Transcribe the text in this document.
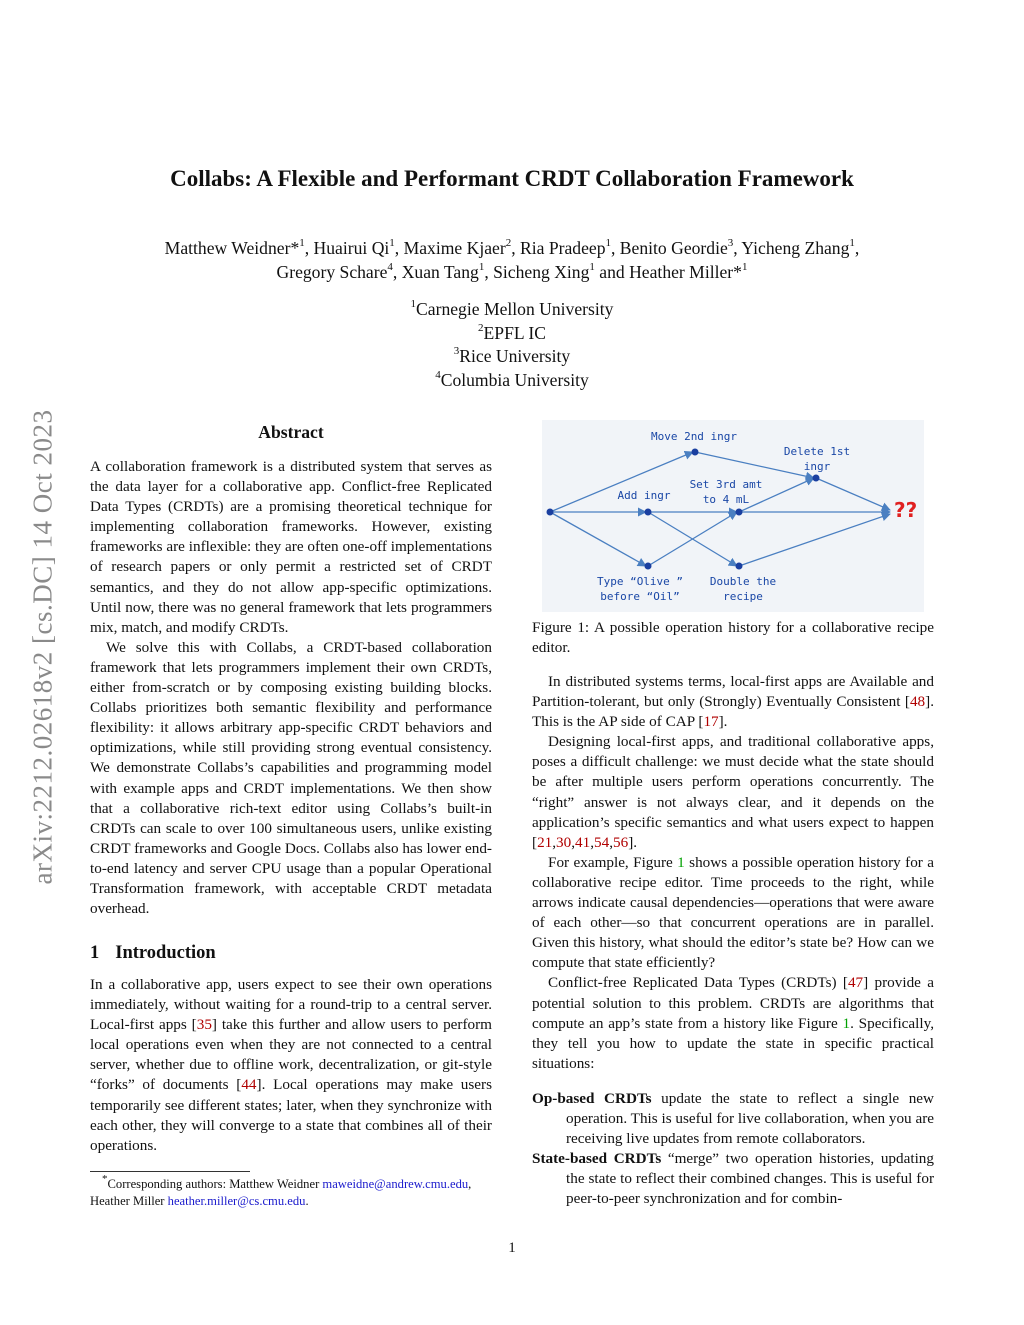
arXiv:2212.02618v2 [cs.DC] 14 Oct 2023
Collabs: A Flexible and Performant CRDT Collaboration Framework
Matthew Weidner*$^1$, Huairui Qi$^1$, Maxime Kjaer$^2$, Ria Pradeep$^1$, Benito Geordie$^3$, Yicheng Zhang$^1$,
Gregory Schare$^4$, Xuan Tang$^1$, Sicheng Xing$^1$ and Heather Miller*$^1$
$^1$Carnegie Mellon University
$^2$EPFL IC
$^3$Rice University
$^4$Columbia University
Abstract

A collaboration framework is a distributed system that serves as the data layer for a collaborative app. Conflict-free Replicated Data Types (CRDTs) are a promising theoretical technique for implementing collaboration frameworks. However, existing frameworks are inflexible: they are often one-off implementations of research papers or only permit a restricted set of CRDT semantics, and they do not allow app-specific optimizations. Until now, there was no general framework that lets programmers mix, match, and modify CRDTs.

We solve this with Collabs, a CRDT-based collaboration framework that lets programmers implement their own CRDTs, either from-scratch or by composing existing building blocks. Collabs prioritizes both semantic flexibility and performance flexibility: it allows arbitrary app-specific CRDT behaviors and optimizations, while still providing strong eventual consistency. We demonstrate Collabs’s capabilities and programming model with example apps and CRDT implementations. We then show that a collaborative rich-text editor using Collabs’s built-in CRDTs can scale to over 100 simultaneous users, unlike existing CRDT frameworks and Google Docs. Collabs also has lower end-to-end latency and server CPU usage than a popular Operational Transformation framework, with acceptable CRDT metadata overhead.

1 Introduction

In a collaborative app, users expect to see their own operations immediately, without waiting for a round-trip to a central server. Local-first apps [35] take this further and allow users to perform local operations even when they are not connected to a central server, whether due to offline work, decentralization, or git-style “forks” of documents [44]. Local operations may make users temporarily see different states; later, when they synchronize with each other, they will converge to a state that combines all of their operations.

*Corresponding authors: Matthew Weidner maweidne@andrew.cmu.edu, Heather Miller heather.miller@cs.cmu.edu.
Move 2nd ingr
Delete 1st
ingr
Set 3rd amt
to 4 mL
Add ingr
Type “Olive ”
before “Oil”
Double the
recipe
??
Figure 1: A possible operation history for a collaborative recipe editor.

In distributed systems terms, local-first apps are Available and Partition-tolerant, but only (Strongly) Eventually Consistent [48]. This is the AP side of CAP [17].

Designing local-first apps, and traditional collaborative apps, poses a difficult challenge: we must decide what the state should be after multiple users perform operations concurrently. The “right” answer is not always clear, and it depends on the application’s specific semantics and what users expect to happen [21,30,41,54,56].

For example, Figure 1 shows a possible operation history for a collaborative recipe editor. Time proceeds to the right, while arrows indicate causal dependencies—operations that were aware of each other—so that concurrent operations are in parallel. Given this history, what should the editor’s state be? How can we compute that state efficiently?

Conflict-free Replicated Data Types (CRDTs) [47] provide a potential solution to this problem. CRDTs are algorithms that compute an app’s state from a history like Figure 1. Specifically, they tell you how to update the state in specific practical situations:

Op-based CRDTs update the state to reflect a single new operation. This is useful for live collaboration, when you are receiving live updates from remote collaborators.

State-based CRDTs “merge” two operation histories, updating the state to reflect their combined changes. This is useful for peer-to-peer synchronization and for combin-

1
